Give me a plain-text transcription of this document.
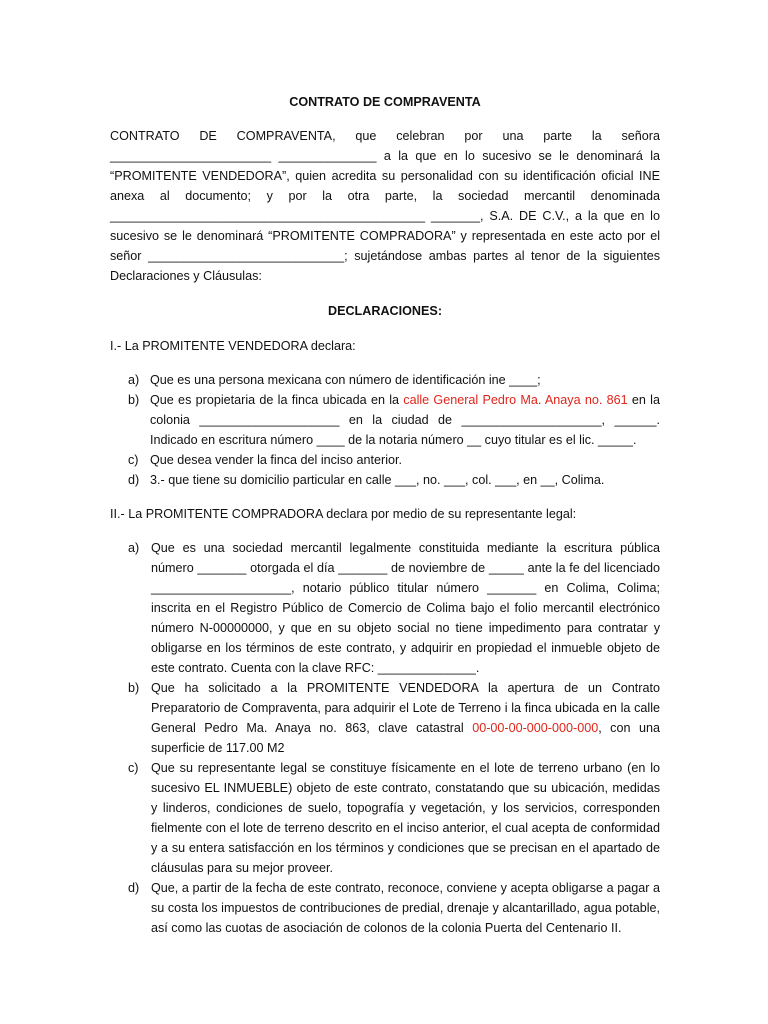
CONTRATO DE COMPRAVENTA

CONTRATO DE COMPRAVENTA, que celebran por una parte la señora _______________________ ______________ a la que en lo sucesivo se le denominará la “PROMITENTE VENDEDORA”, quien acredita su personalidad con su identificación oficial INE anexa al documento; y por la otra parte, la sociedad mercantil denominada _____________________________________________ _______, S.A. DE C.V., a la que en lo sucesivo se le denominará “PROMITENTE COMPRADORA” y representada en este acto por el señor ____________________________; sujetándose ambas partes al tenor de la siguientes Declaraciones y Cláusulas:

DECLARACIONES:

I.- La PROMITENTE VENDEDORA declara:

a) Que es una persona mexicana con número de identificación ine ____;
b) Que es propietaria de la finca ubicada en la calle General Pedro Ma. Anaya no. 861 en la colonia ____________________ en la ciudad de ____________________, ______. Indicado en escritura número ____ de la notaria número __ cuyo titular es el lic. _____.
c) Que desea vender la finca del inciso anterior.
d) 3.- que tiene su domicilio particular en calle ___, no. ___, col. ___, en __, Colima.

II.- La PROMITENTE COMPRADORA declara por medio de su representante legal:

a) Que es una sociedad mercantil legalmente constituida mediante la escritura pública número _______ otorgada el día _______ de noviembre de _____ ante la fe del licenciado ____________________, notario público titular número _______ en Colima, Colima; inscrita en el Registro Público de Comercio de Colima bajo el folio mercantil electrónico número N-00000000, y que en su objeto social no tiene impedimento para contratar y obligarse en los términos de este contrato, y adquirir en propiedad el inmueble objeto de este contrato. Cuenta con la clave RFC: ______________.
b) Que ha solicitado a la PROMITENTE VENDEDORA la apertura de un Contrato Preparatorio de Compraventa, para adquirir el Lote de Terreno i la finca ubicada en la calle General Pedro Ma. Anaya no. 863, clave catastral 00-00-00-000-000-000, con una superficie de 117.00 M2
c) Que su representante legal se constituye físicamente en el lote de terreno urbano (en lo sucesivo EL INMUEBLE) objeto de este contrato, constatando que su ubicación, medidas y linderos, condiciones de suelo, topografía y vegetación, y los servicios, corresponden fielmente con el lote de terreno descrito en el inciso anterior, el cual acepta de conformidad y a su entera satisfacción en los términos y condiciones que se precisan en el apartado de cláusulas para su mejor proveer.
d) Que, a partir de la fecha de este contrato, reconoce, conviene y acepta obligarse a pagar a su costa los impuestos de contribuciones de predial, drenaje y alcantarillado, agua potable, así como las cuotas de asociación de colonos de la colonia Puerta del Centenario II.
